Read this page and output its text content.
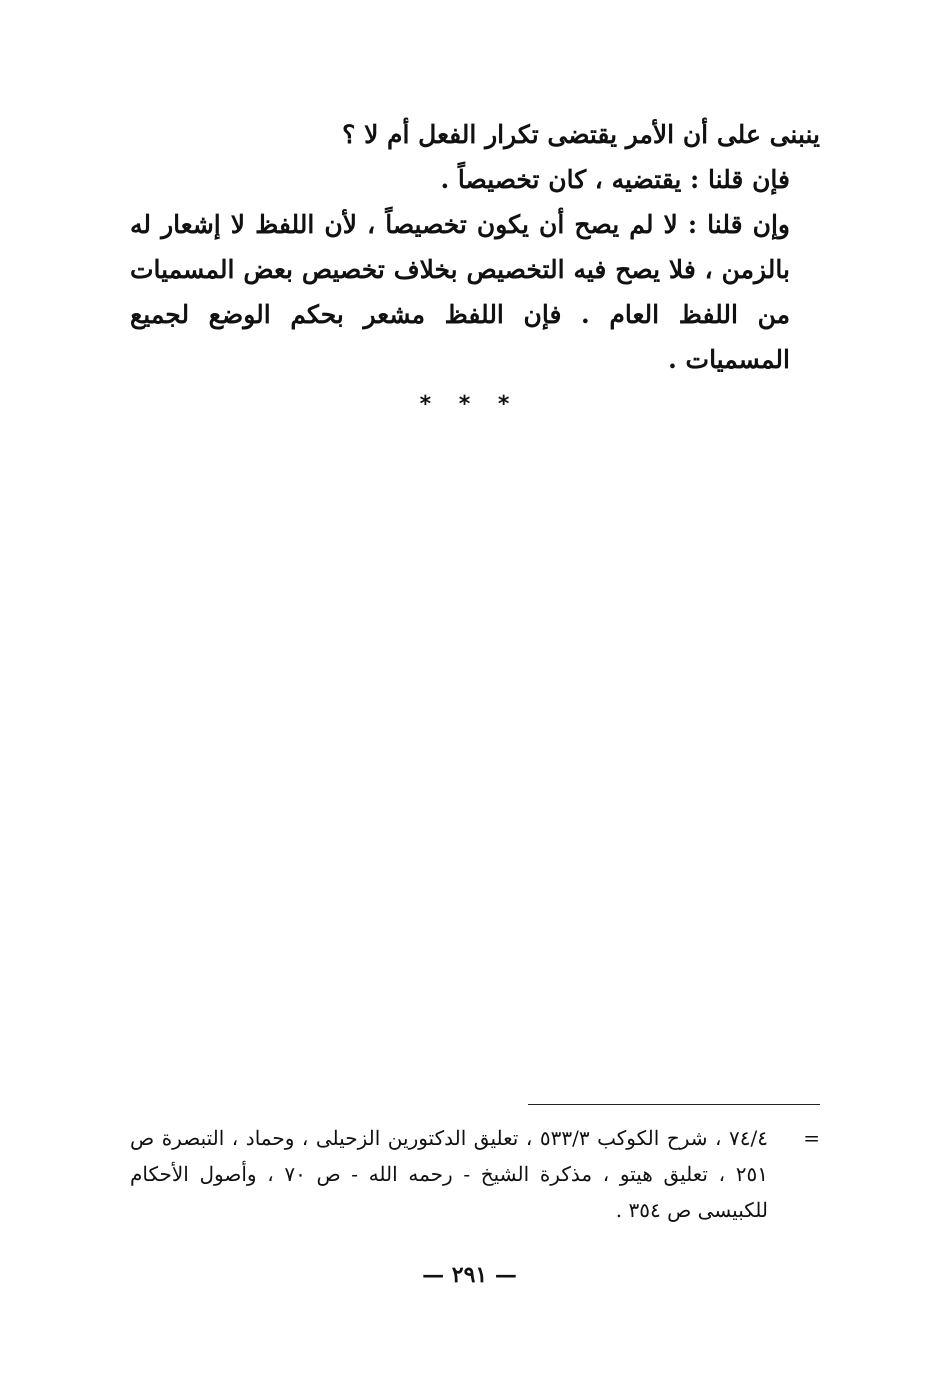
ينبنى على أن الأمر يقتضى تكرار الفعل أم لا ؟

فإن قلنا : يقتضيه ، كان تخصيصاً .

وإن قلنا : لا لم يصح أن يكون تخصيصاً ، لأن اللفظ لا إشعار له بالزمن ، فلا يصح فيه التخصيص بخلاف تخصيص بعض المسميات من اللفظ العام . فإن اللفظ مشعر بحكم الوضع لجميع المسميات .

* * *
=

٧٤/٤ ، شرح الكوكب ٥٣٣/٣ ، تعليق الدكتورين الزحيلى ، وحماد ، التبصرة ص ٢٥١ ، تعليق هيتو ، مذكرة الشيخ - رحمه الله - ص ٧٠ ، وأصول الأحكام للكبيسى ص ٣٥٤ .

— ٢٩١ —
